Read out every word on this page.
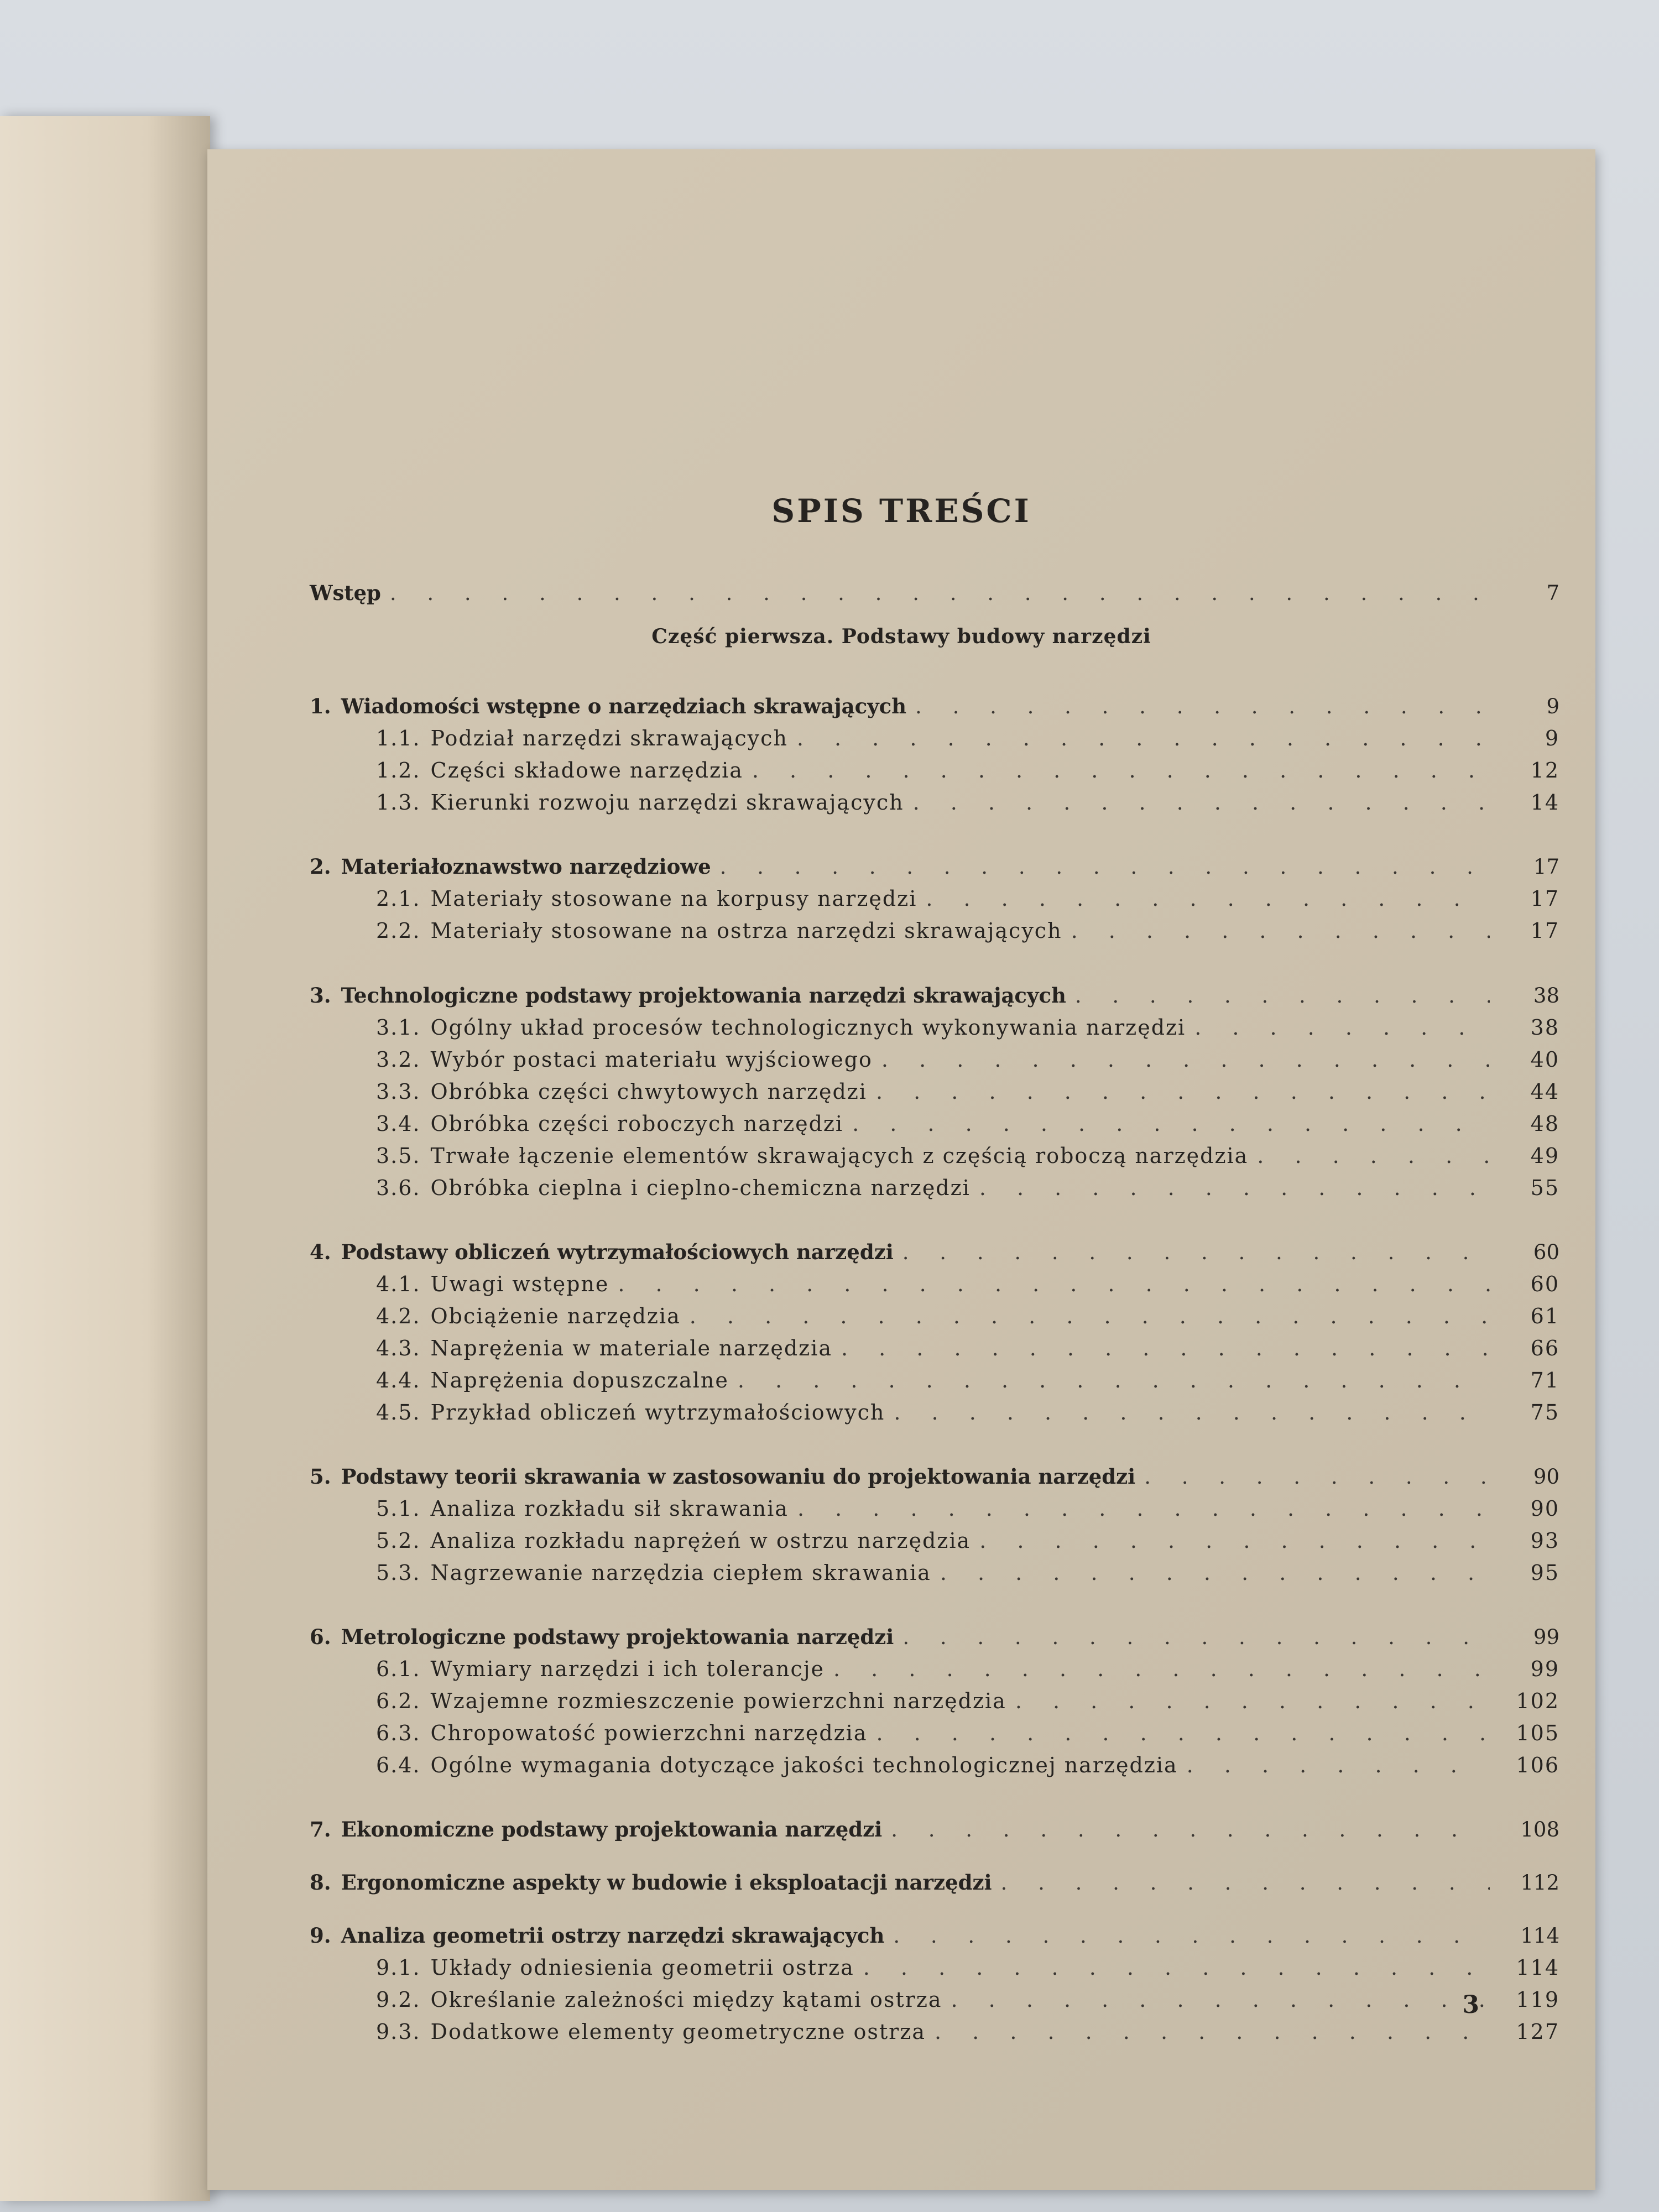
SPIS TREŚCI
Część pierwsza. Podstawy budowy narzędzi
Wstęp . . .	7
1. Wiadomości wstępne o narzędziach skrawających . . .	9
1.1. Podział narzędzi skrawających . . .	9
1.2. Części składowe narzędzia . . .	12
1.3. Kierunki rozwoju narzędzi skrawających . . .	14
2. Materiałoznawstwo narzędziowe . . .	17
2.1. Materiały stosowane na korpusy narzędzi . . .	17
2.2. Materiały stosowane na ostrza narzędzi skrawających . . .	17
3. Technologiczne podstawy projektowania narzędzi skrawających . . .	38
3.1. Ogólny układ procesów technologicznych wykonywania narzędzi . . .	38
3.2. Wybór postaci materiału wyjściowego . . .	40
3.3. Obróbka części chwytowych narzędzi . . .	44
3.4. Obróbka części roboczych narzędzi . . .	48
3.5. Trwałe łączenie elementów skrawających z częścią roboczą narzędzia . . .	49
3.6. Obróbka cieplna i cieplno-chemiczna narzędzi . . .	55
4. Podstawy obliczeń wytrzymałościowych narzędzi . . .	60
4.1. Uwagi wstępne . . .	60
4.2. Obciążenie narzędzia . . .	61
4.3. Naprężenia w materiale narzędzia . . .	66
4.4. Naprężenia dopuszczalne . . .	71
4.5. Przykład obliczeń wytrzymałościowych . . .	75
5. Podstawy teorii skrawania w zastosowaniu do projektowania narzędzi . . .	90
5.1. Analiza rozkładu sił skrawania . . .	90
5.2. Analiza rozkładu naprężeń w ostrzu narzędzia . . .	93
5.3. Nagrzewanie narzędzia ciepłem skrawania . . .	95
6. Metrologiczne podstawy projektowania narzędzi . . .	99
6.1. Wymiary narzędzi i ich tolerancje . . .	99
6.2. Wzajemne rozmieszczenie powierzchni narzędzia . . .	102
6.3. Chropowatość powierzchni narzędzia . . .	105
6.4. Ogólne wymagania dotyczące jakości technologicznej narzędzia . . .	106
7. Ekonomiczne podstawy projektowania narzędzi . . .	108
8. Ergonomiczne aspekty w budowie i eksploatacji narzędzi . . .	112
9. Analiza geometrii ostrzy narzędzi skrawających . . .	114
9.1. Układy odniesienia geometrii ostrza . . .	114
9.2. Określanie zależności między kątami ostrza . . .	119
9.3. Dodatkowe elementy geometryczne ostrza . . .	127
3
